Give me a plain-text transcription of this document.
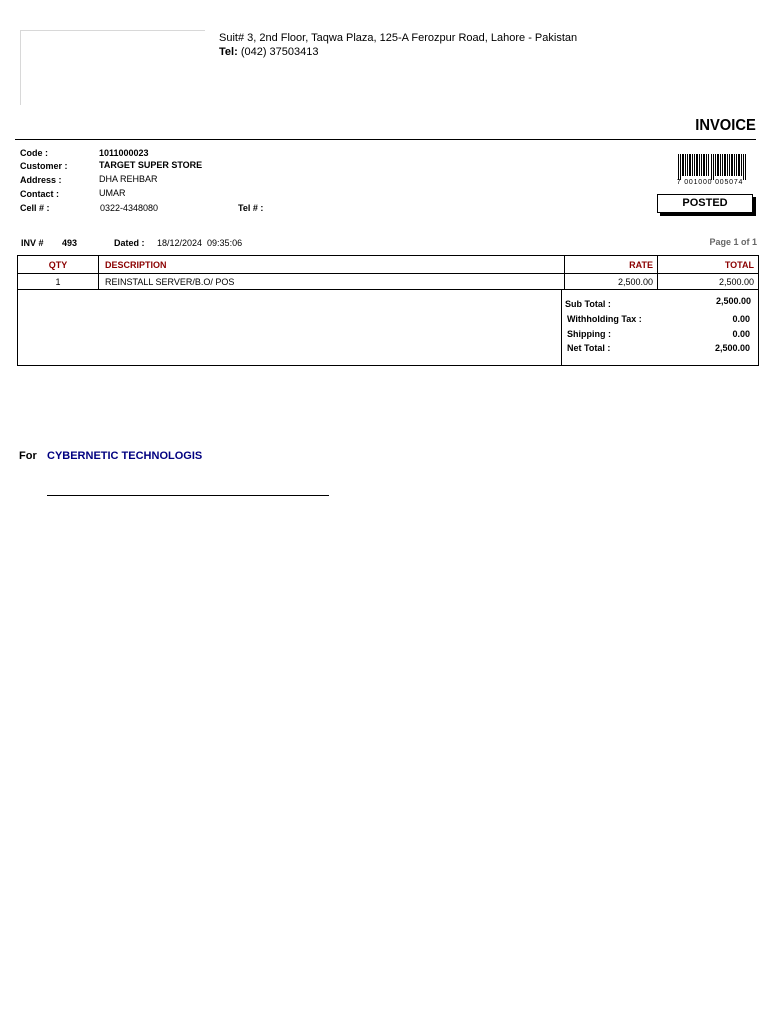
Suit# 3, 2nd Floor, Taqwa Plaza, 125-A Ferozpur Road, Lahore - Pakistan
Tel: (042) 37503413
INVOICE
Code :	1011000023
Customer :	TARGET SUPER STORE
Address :	DHA REHBAR
Contact :	UMAR
Cell # :	0322-4348080	Tel # :
7 001000 005074
POSTED
INV # 493	Dated : 18/12/2024  09:35:06	Page 1 of 1
QTY	DESCRIPTION	RATE	TOTAL
1	REINSTALL SERVER/B.O/ POS	2,500.00	2,500.00
Sub Total :	2,500.00
Withholding Tax :	0.00
Shipping :	0.00
Net Total :	2,500.00
For CYBERNETIC TECHNOLOGIS
